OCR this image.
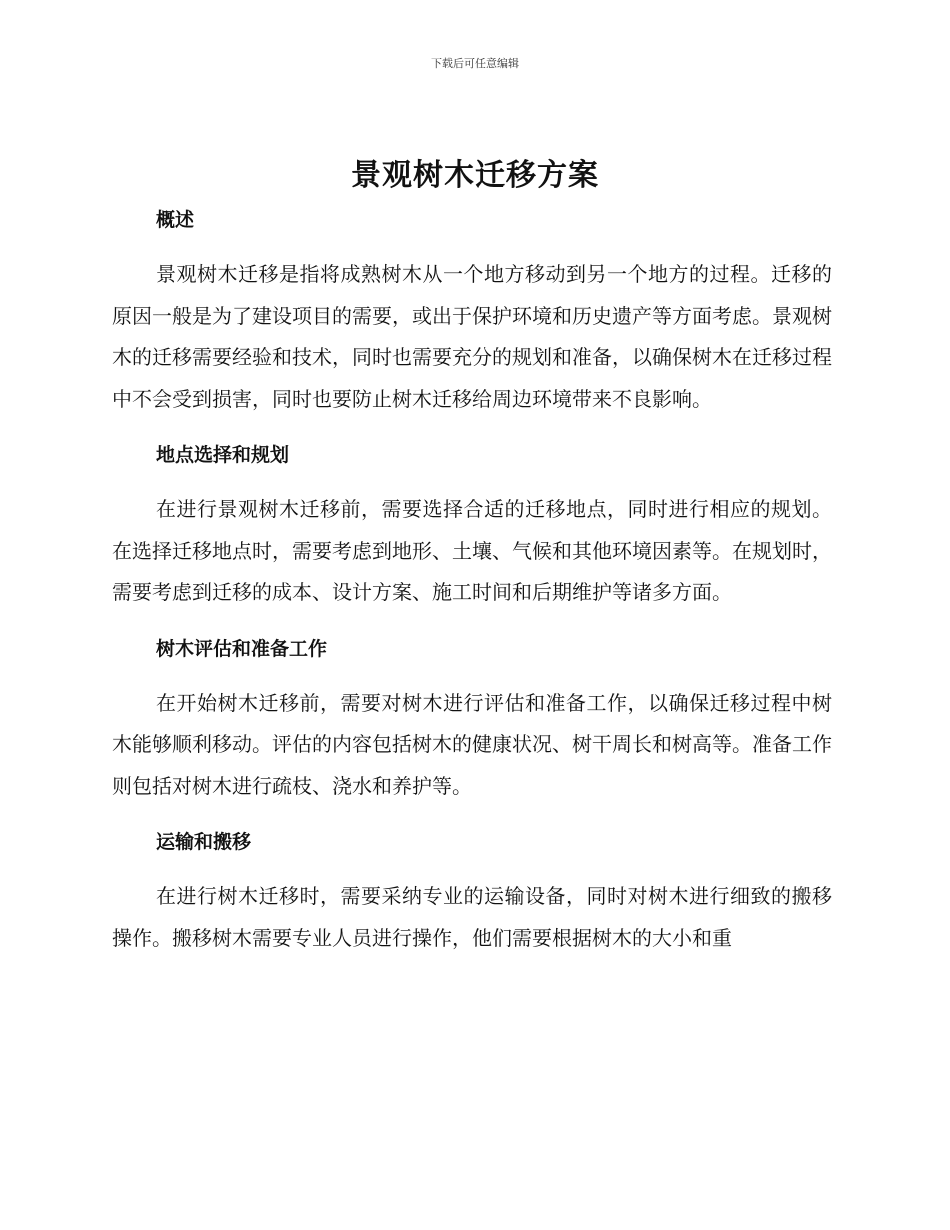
下载后可任意编辑
景观树木迁移方案
概述

景观树木迁移是指将成熟树木从一个地方移动到另一个地方的过程。迁移的原因一般是为了建设项目的需要，或出于保护环境和历史遗产等方面考虑。景观树木的迁移需要经验和技术，同时也需要充分的规划和准备，以确保树木在迁移过程中不会受到损害，同时也要防止树木迁移给周边环境带来不良影响。

地点选择和规划

在进行景观树木迁移前，需要选择合适的迁移地点，同时进行相应的规划。在选择迁移地点时，需要考虑到地形、土壤、气候和其他环境因素等。在规划时，需要考虑到迁移的成本、设计方案、施工时间和后期维护等诸多方面。

树木评估和准备工作

在开始树木迁移前，需要对树木进行评估和准备工作，以确保迁移过程中树木能够顺利移动。评估的内容包括树木的健康状况、树干周长和树高等。准备工作则包括对树木进行疏枝、浇水和养护等。

运输和搬移

在进行树木迁移时，需要采纳专业的运输设备，同时对树木进行细致的搬移操作。搬移树木需要专业人员进行操作，他们需要根据树木的大小和重
